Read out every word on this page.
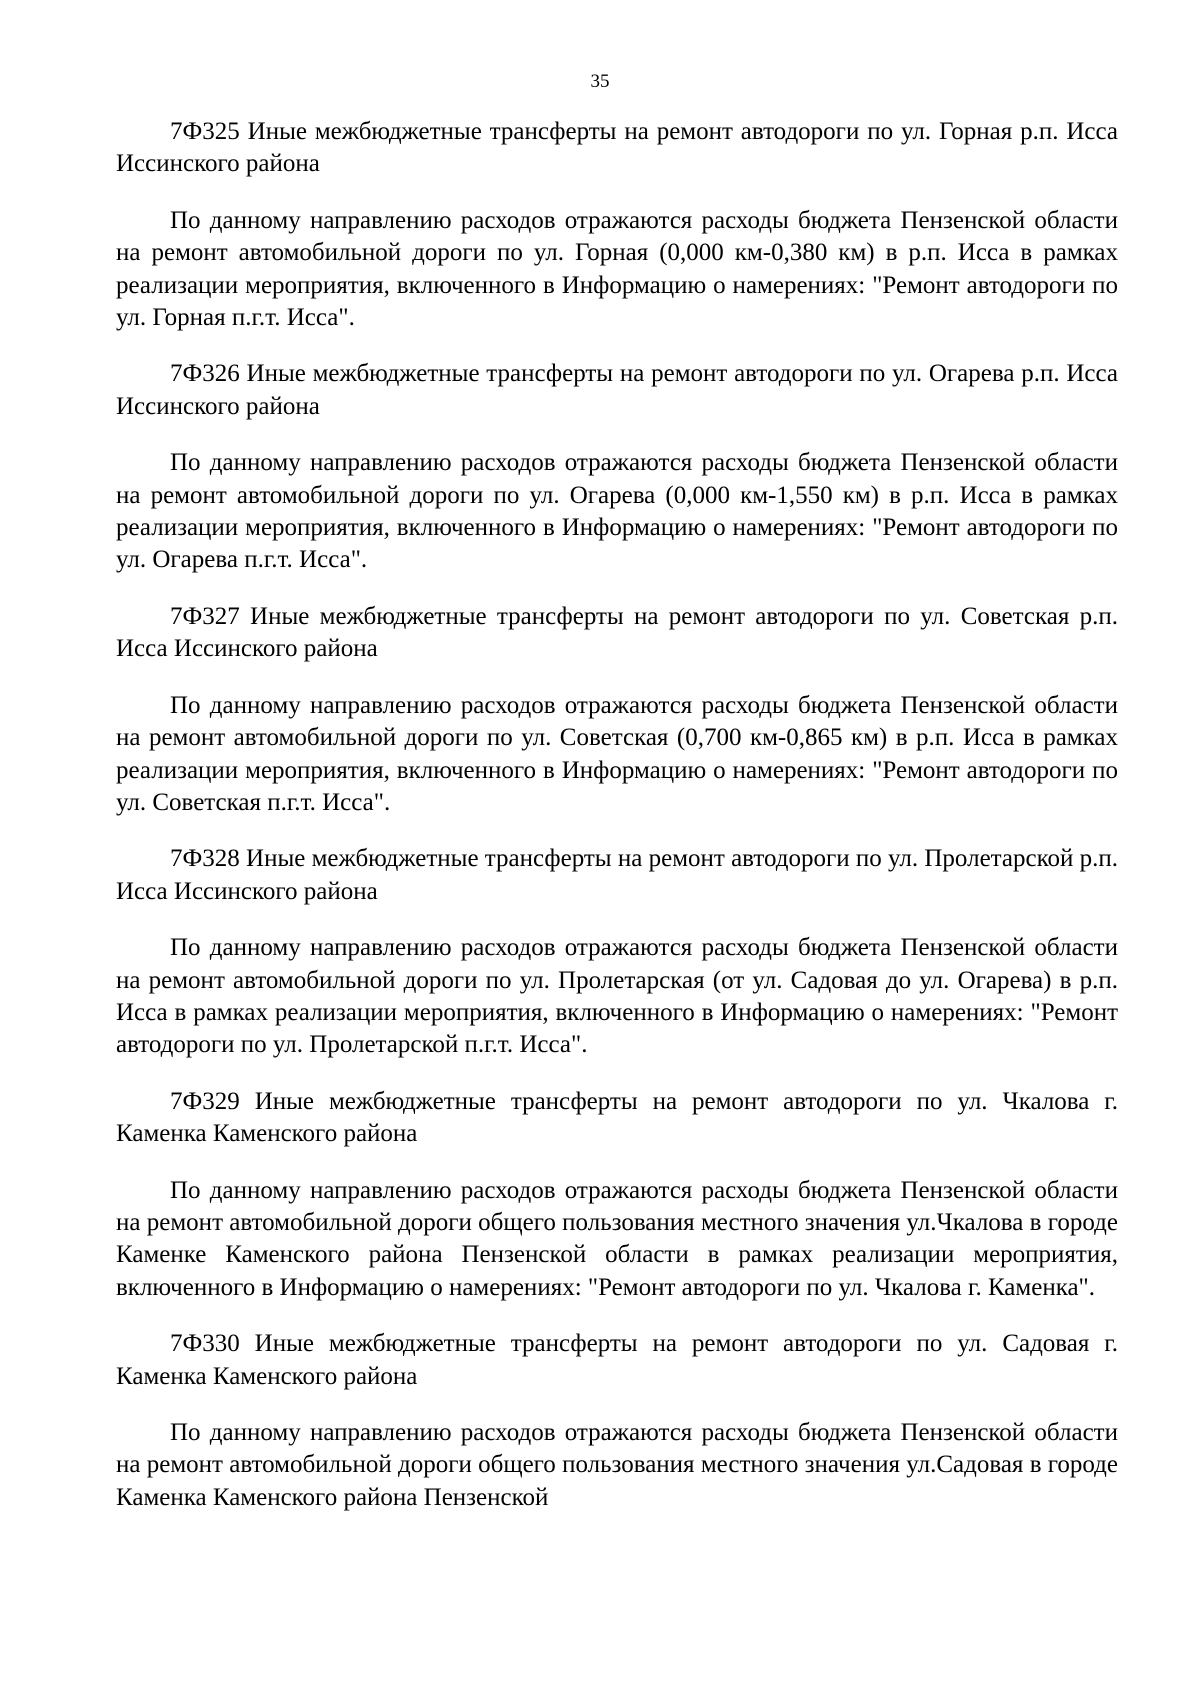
35

7Ф325 Иные межбюджетные трансферты на ремонт автодороги по ул. Горная р.п. Исса Иссинского района

По данному направлению расходов отражаются расходы бюджета Пензенской области на ремонт автомобильной дороги по ул. Горная (0,000 км-0,380 км) в р.п. Исса в рамках реализации мероприятия, включенного в Информацию о намерениях: "Ремонт автодороги по ул. Горная п.г.т. Исса".

7Ф326 Иные межбюджетные трансферты на ремонт автодороги по ул. Огарева р.п. Исса Иссинского района

По данному направлению расходов отражаются расходы бюджета Пензенской области на ремонт автомобильной дороги по ул. Огарева (0,000 км-1,550 км) в р.п. Исса в рамках реализации мероприятия, включенного в Информацию о намерениях: "Ремонт автодороги по ул. Огарева п.г.т. Исса".

7Ф327 Иные межбюджетные трансферты на ремонт автодороги по ул. Советская р.п. Исса Иссинского района

По данному направлению расходов отражаются расходы бюджета Пензенской области на ремонт автомобильной дороги по ул. Советская (0,700 км-0,865 км) в р.п. Исса в рамках реализации мероприятия, включенного в Информацию о намерениях: "Ремонт автодороги по ул. Советская п.г.т. Исса".

7Ф328 Иные межбюджетные трансферты на ремонт автодороги по ул. Пролетарской р.п. Исса Иссинского района

По данному направлению расходов отражаются расходы бюджета Пензенской области на ремонт автомобильной дороги по ул. Пролетарская (от ул. Садовая до ул. Огарева) в р.п. Исса в рамках реализации мероприятия, включенного в Информацию о намерениях: "Ремонт автодороги по ул. Пролетарской п.г.т. Исса".

7Ф329 Иные межбюджетные трансферты на ремонт автодороги по ул. Чкалова г. Каменка Каменского района

По данному направлению расходов отражаются расходы бюджета Пензенской области на ремонт автомобильной дороги общего пользования местного значения ул.Чкалова в городе Каменке Каменского района Пензенской области в рамках реализации мероприятия, включенного в Информацию о намерениях: "Ремонт автодороги по ул. Чкалова г. Каменка".

7Ф330 Иные межбюджетные трансферты на ремонт автодороги по ул. Садовая г. Каменка Каменского района

По данному направлению расходов отражаются расходы бюджета Пензенской области на ремонт автомобильной дороги общего пользования местного значения ул.Садовая в городе Каменка Каменского района Пензенской
